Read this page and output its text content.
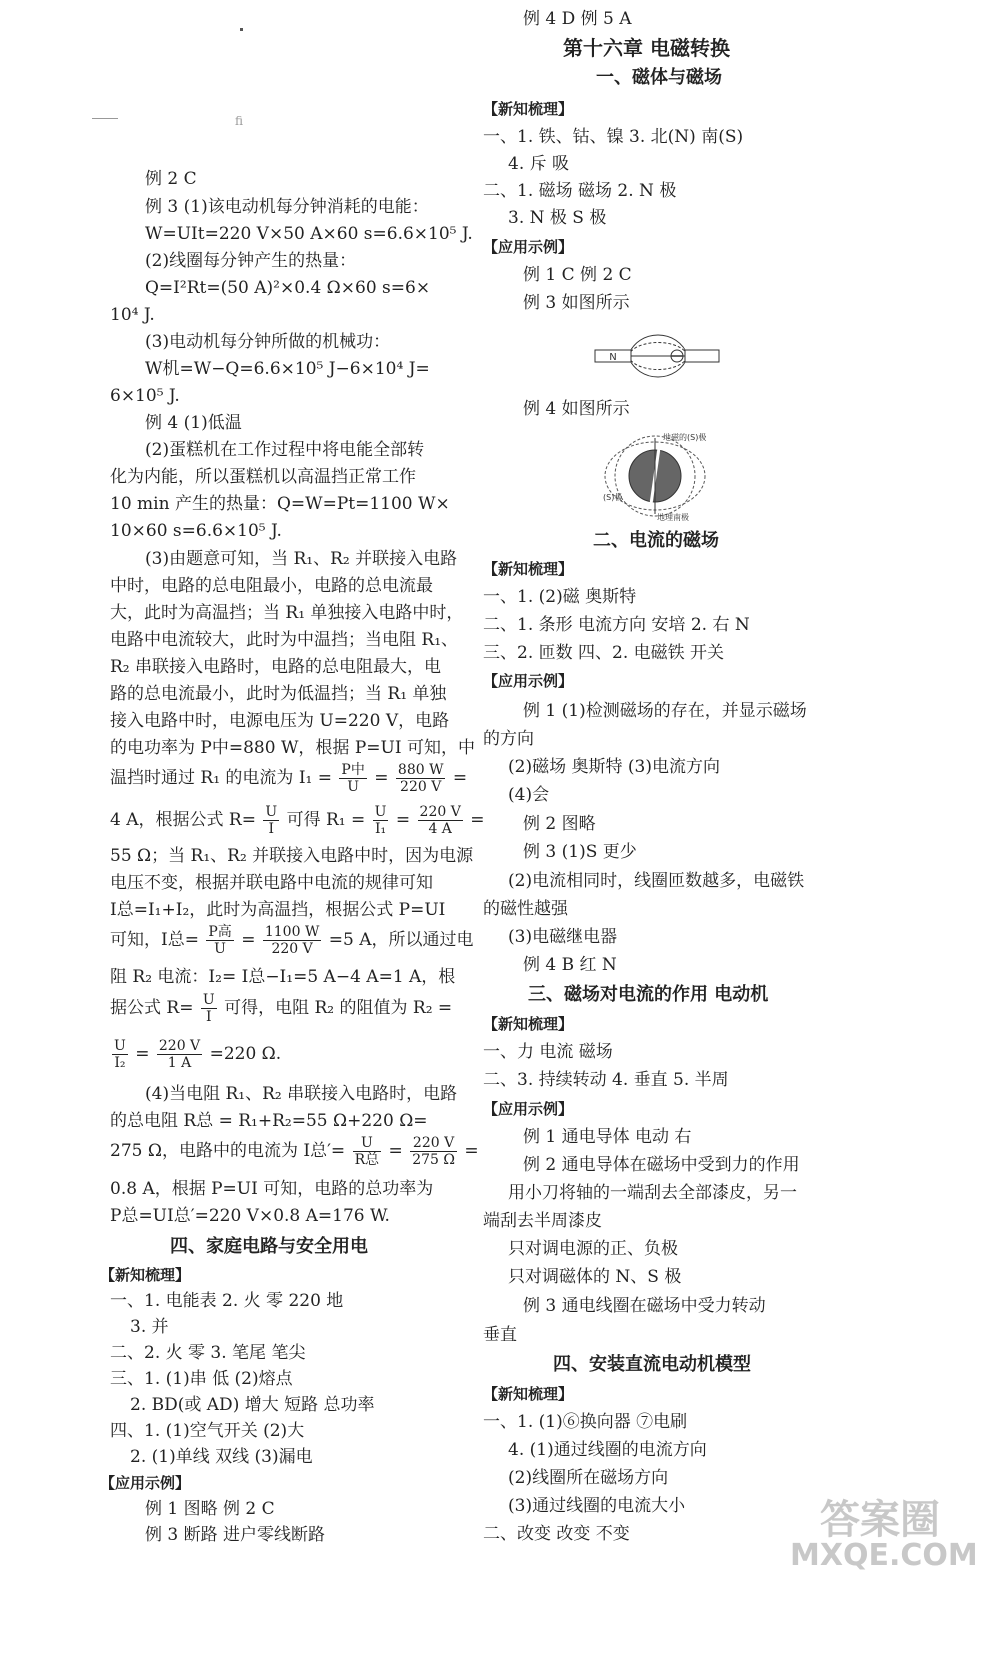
fi
例 2 C
例 3 (1)该电动机每分钟消耗的电能：
W=UIt=220 V×50 A×60 s=6.6×10⁵ J.
(2)线圈每分钟产生的热量：
Q=I²Rt=(50 A)²×0.4 Ω×60 s=6×
10⁴ J.
(3)电动机每分钟所做的机械功：
W机=W−Q=6.6×10⁵ J−6×10⁴ J=
6×10⁵ J.
例 4 (1)低温
(2)蛋糕机在工作过程中将电能全部转
化为内能，所以蛋糕机以高温挡正常工作
10 min 产生的热量：Q=W=Pt=1100 W×
10×60 s=6.6×10⁵ J.
(3)由题意可知，当 R₁、R₂ 并联接入电路
中时，电路的总电阻最小，电路的总电流最
大，此时为高温挡；当 R₁ 单独接入电路中时，
电路中电流较大，此时为中温挡；当电阻 R₁、
R₂ 串联接入电路时，电路的总电阻最大，电
路的总电流最小，此时为低温挡；当 R₁ 单独
接入电路中时，电源电压为 U=220 V，电路
的电功率为 P中=880 W，根据 P=UI 可知，中
温挡时通过 R₁ 的电流为 $I_1 = \frac{\text{P中}}{U} = \frac{880 W}{220 V}$ =
4 A，根据公式 $R= \frac{U}{I}$ 可得 $R_1 = \frac{U}{\text{I₁}} = \frac{220 V}{4 A}$ =
55 Ω；当 R₁、R₂ 并联接入电路中时，因为电源
电压不变，根据并联电路中电流的规律可知
I总=I₁+I₂，此时为高温挡，根据公式 P=UI
可知，I总= $\frac{\text{P高}}{U} = \frac{1100 W}{220 V} =5$ A，所以通过电
阻 R₂ 电流：I₂= I总−I₁=5 A−4 A=1 A，根
据公式 $R= \frac{U}{I}$ 可得，电阻 R₂ 的阻值为 R₂ =
$\frac{U}{\text{I₂}} = \frac{220 V}{1 A} =220$ Ω.
(4)当电阻 R₁、R₂ 串联接入电路时，电路
的总电阻 R总 = R₁+R₂=55 Ω+220 Ω=
275 Ω，电路中的电流为 I总′= $\frac{U}{\text{R总}} = \frac{220 V}{275 \Omega}$ =
0.8 A，根据 P=UI 可知，电路的总功率为
P总=UI总′=220 V×0.8 A=176 W.
四、家庭电路与安全用电
【新知梳理】
一、1. 电能表 2. 火 零 220 地
3. 并
二、2. 火 零 3. 笔尾 笔尖
三、1. (1)串 低 (2)熔点
2. BD(或 AD) 增大 短路 总功率
四、1. (1)空气开关 (2)大
2. (1)单线 双线 (3)漏电
【应用示例】
例 1 图略 例 2 C
例 3 断路 进户零线断路
例 4 D 例 5 A
第十六章 电磁转换
一、磁体与磁场
【新知梳理】
一、1. 铁、钴、镍 3. 北(N) 南(S)
4. 斥 吸
二、1. 磁场 磁场 2. N 极
3. N 极 S 极
【应用示例】
例 1 C 例 2 C
例 3 如图所示
N
例 4 如图所示
地磁的(S)极
(S)极
地理南极
二、电流的磁场
【新知梳理】
一、1. (2)磁 奥斯特
二、1. 条形 电流方向 安培 2. 右 N
三、2. 匝数 四、2. 电磁铁 开关
【应用示例】
例 1 (1)检测磁场的存在，并显示磁场
的方向
(2)磁场 奥斯特 (3)电流方向
(4)会
例 2 图略
例 3 (1)S 更少
(2)电流相同时，线圈匝数越多，电磁铁
的磁性越强
(3)电磁继电器
例 4 B 红 N
三、磁场对电流的作用 电动机
【新知梳理】
一、力 电流 磁场
二、3. 持续转动 4. 垂直 5. 半周
【应用示例】
例 1 通电导体 电动 右
例 2 通电导体在磁场中受到力的作用
用小刀将轴的一端刮去全部漆皮，另一
端刮去半周漆皮
只对调电源的正、负极
只对调磁体的 N、S 极
例 3 通电线圈在磁场中受力转动
垂直
四、安装直流电动机模型
【新知梳理】
一、1. (1)⑥换向器 ⑦电刷
4. (1)通过线圈的电流方向
(2)线圈所在磁场方向
(3)通过线圈的电流大小
二、改变 改变 不变	答案圈
MXQE.COM
